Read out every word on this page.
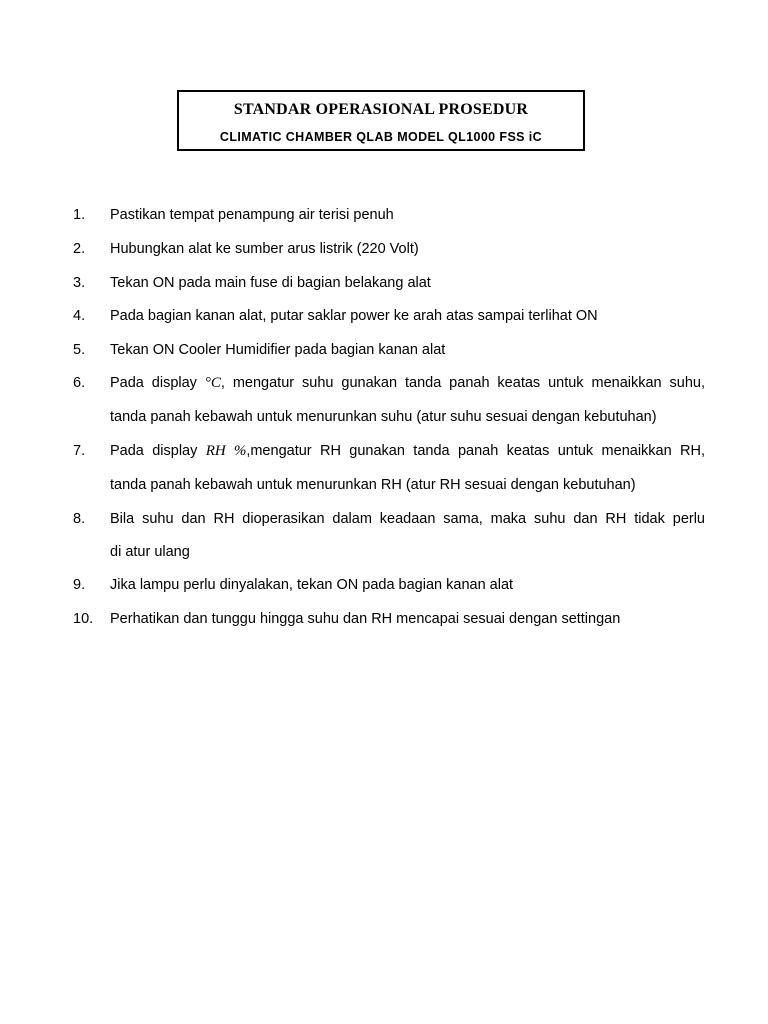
STANDAR OPERASIONAL PROSEDUR
CLIMATIC CHAMBER QLAB MODEL QL1000 FSS iC
1. Pastikan tempat penampung air terisi penuh
2. Hubungkan alat ke sumber arus listrik (220 Volt)
3. Tekan ON pada main fuse di bagian belakang alat
4. Pada bagian kanan alat, putar saklar power ke arah atas sampai terlihat ON
5. Tekan ON Cooler Humidifier pada bagian kanan alat
6. Pada display °C, mengatur suhu gunakan tanda panah keatas untuk menaikkan suhu,
tanda panah kebawah untuk menurunkan suhu (atur suhu sesuai dengan kebutuhan)
7. Pada display RH %,mengatur RH gunakan tanda panah keatas untuk menaikkan RH,
tanda panah kebawah untuk menurunkan RH (atur RH sesuai dengan kebutuhan)
8. Bila suhu dan RH dioperasikan dalam keadaan sama, maka suhu dan RH tidak perlu
di atur ulang
9. Jika lampu perlu dinyalakan, tekan ON pada bagian kanan alat
10. Perhatikan dan tunggu hingga suhu dan RH mencapai sesuai dengan settingan
